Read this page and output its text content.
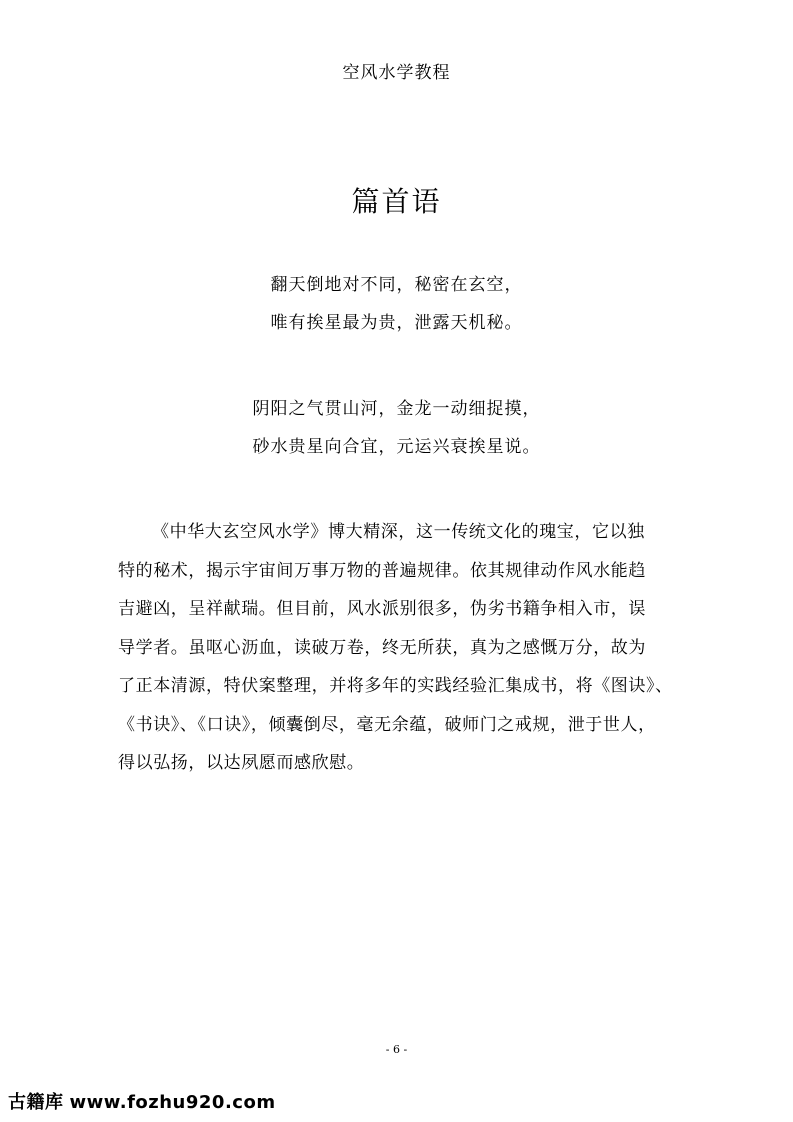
空风水学教程
篇首语
翻天倒地对不同，秘密在玄空，
唯有挨星最为贵，泄露天机秘。
阴阳之气贯山河，金龙一动细捉摸，
砂水贵星向合宜，元运兴衰挨星说。
《中华大玄空风水学》博大精深，这一传统文化的瑰宝，它以独
特的秘术，揭示宇宙间万事万物的普遍规律。依其规律动作风水能趋
吉避凶，呈祥献瑞。但目前，风水派别很多，伪劣书籍争相入市，误
导学者。虽呕心沥血，读破万卷，终无所获，真为之感慨万分，故为
了正本清源，特伏案整理，并将多年的实践经验汇集成书，将《图诀》、
《书诀》、《口诀》，倾囊倒尽，毫无余蕴，破师门之戒规，泄于世人，
得以弘扬，以达夙愿而感欣慰。
- 6 -
古籍库 www.fozhu920.com
